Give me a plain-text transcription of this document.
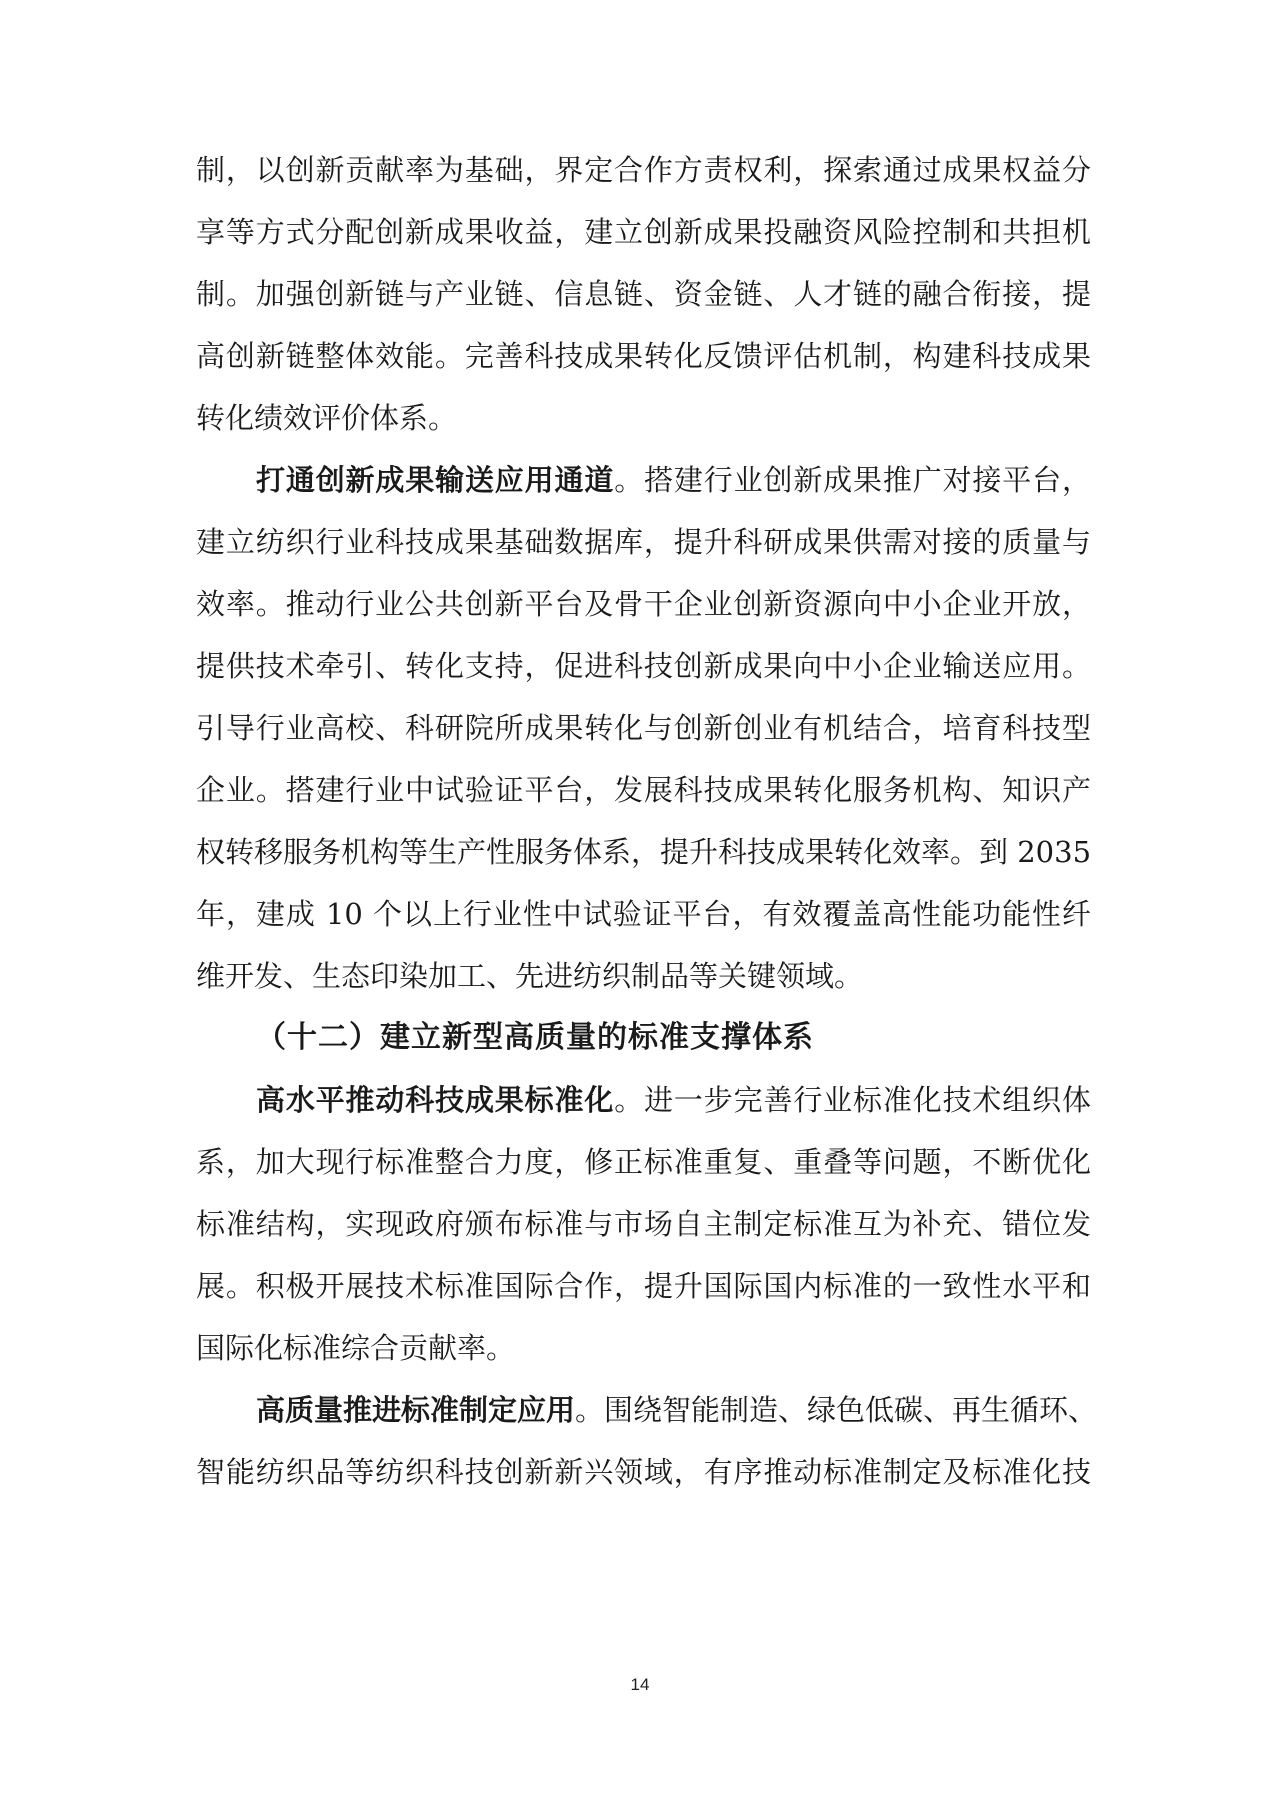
制，以创新贡献率为基础，界定合作方责权利，探索通过成果权益分
享等方式分配创新成果收益，建立创新成果投融资风险控制和共担机
制。加强创新链与产业链、信息链、资金链、人才链的融合衔接，提
高创新链整体效能。完善科技成果转化反馈评估机制，构建科技成果
转化绩效评价体系。
打通创新成果输送应用通道。搭建行业创新成果推广对接平台，
建立纺织行业科技成果基础数据库，提升科研成果供需对接的质量与
效率。推动行业公共创新平台及骨干企业创新资源向中小企业开放，
提供技术牵引、转化支持，促进科技创新成果向中小企业输送应用。
引导行业高校、科研院所成果转化与创新创业有机结合，培育科技型
企业。搭建行业中试验证平台，发展科技成果转化服务机构、知识产
权转移服务机构等生产性服务体系，提升科技成果转化效率。到 2035
年，建成 10 个以上行业性中试验证平台，有效覆盖高性能功能性纤
维开发、生态印染加工、先进纺织制品等关键领域。
（十二）建立新型高质量的标准支撑体系
高水平推动科技成果标准化。进一步完善行业标准化技术组织体
系，加大现行标准整合力度，修正标准重复、重叠等问题，不断优化
标准结构，实现政府颁布标准与市场自主制定标准互为补充、错位发
展。积极开展技术标准国际合作，提升国际国内标准的一致性水平和
国际化标准综合贡献率。
高质量推进标准制定应用。围绕智能制造、绿色低碳、再生循环、
智能纺织品等纺织科技创新新兴领域，有序推动标准制定及标准化技
14
